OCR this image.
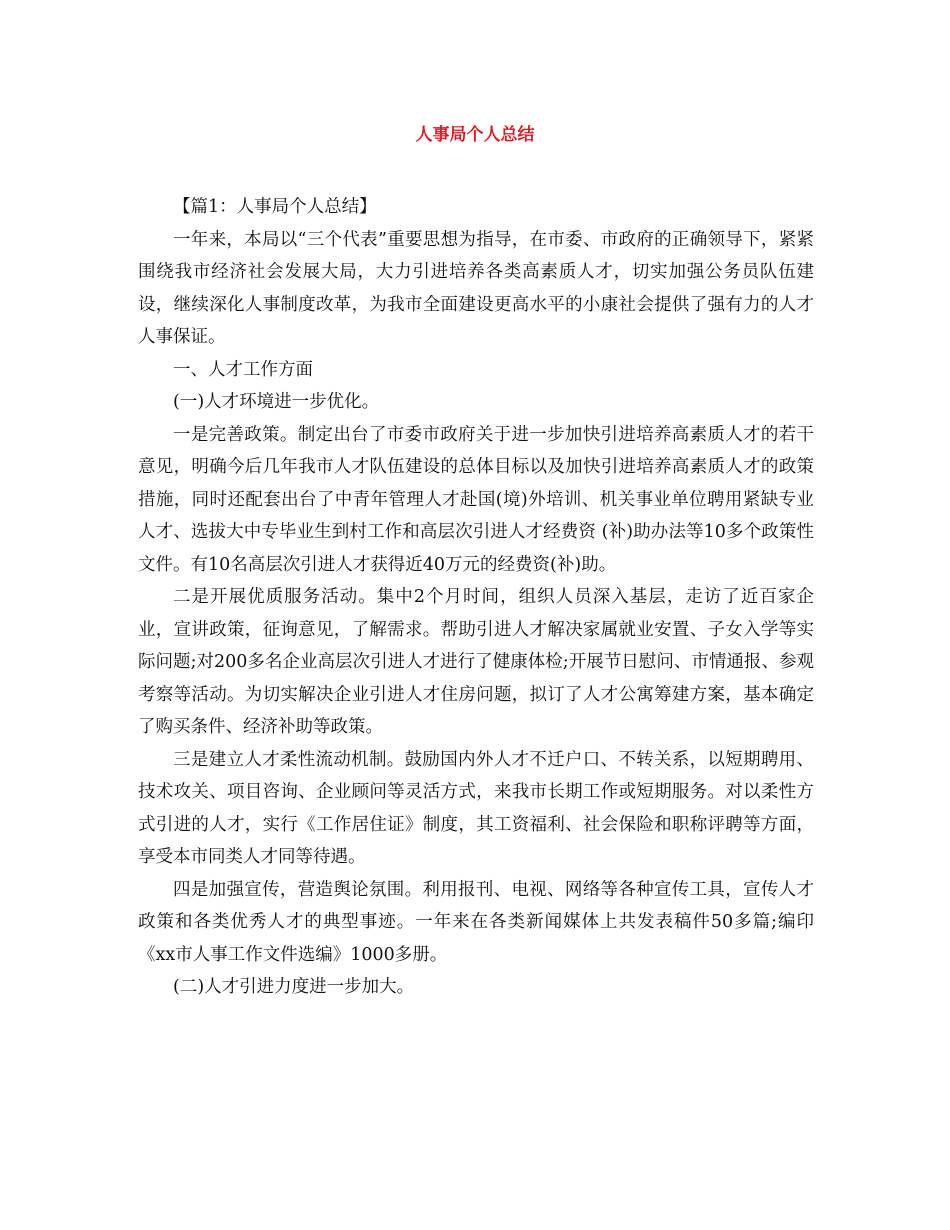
人事局个人总结

【篇1：人事局个人总结】

一年来，本局以“三个代表”重要思想为指导，在市委、市政府的正确领导下，紧紧围绕我市经济社会发展大局，大力引进培养各类高素质人才，切实加强公务员队伍建设，继续深化人事制度改革，为我市全面建设更高水平的小康社会提供了强有力的人才人事保证。

一、人才工作方面

(一)人才环境进一步优化。

一是完善政策。制定出台了市委市政府关于进一步加快引进培养高素质人才的若干意见，明确今后几年我市人才队伍建设的总体目标以及加快引进培养高素质人才的政策措施，同时还配套出台了中青年管理人才赴国(境)外培训、机关事业单位聘用紧缺专业人才、选拔大中专毕业生到村工作和高层次引进人才经费资 (补)助办法等10多个政策性文件。有10名高层次引进人才获得近40万元的经费资(补)助。

二是开展优质服务活动。集中2个月时间，组织人员深入基层，走访了近百家企业，宣讲政策，征询意见，了解需求。帮助引进人才解决家属就业安置、子女入学等实际问题;对200多名企业高层次引进人才进行了健康体检;开展节日慰问、市情通报、参观考察等活动。为切实解决企业引进人才住房问题，拟订了人才公寓筹建方案，基本确定了购买条件、经济补助等政策。

三是建立人才柔性流动机制。鼓励国内外人才不迁户口、不转关系，以短期聘用、技术攻关、项目咨询、企业顾问等灵活方式，来我市长期工作或短期服务。对以柔性方式引进的人才，实行《工作居住证》制度，其工资福利、社会保险和职称评聘等方面，享受本市同类人才同等待遇。

四是加强宣传，营造舆论氛围。利用报刊、电视、网络等各种宣传工具，宣传人才政策和各类优秀人才的典型事迹。一年来在各类新闻媒体上共发表稿件50多篇;编印《xx市人事工作文件选编》1000多册。

(二)人才引进力度进一步加大。
